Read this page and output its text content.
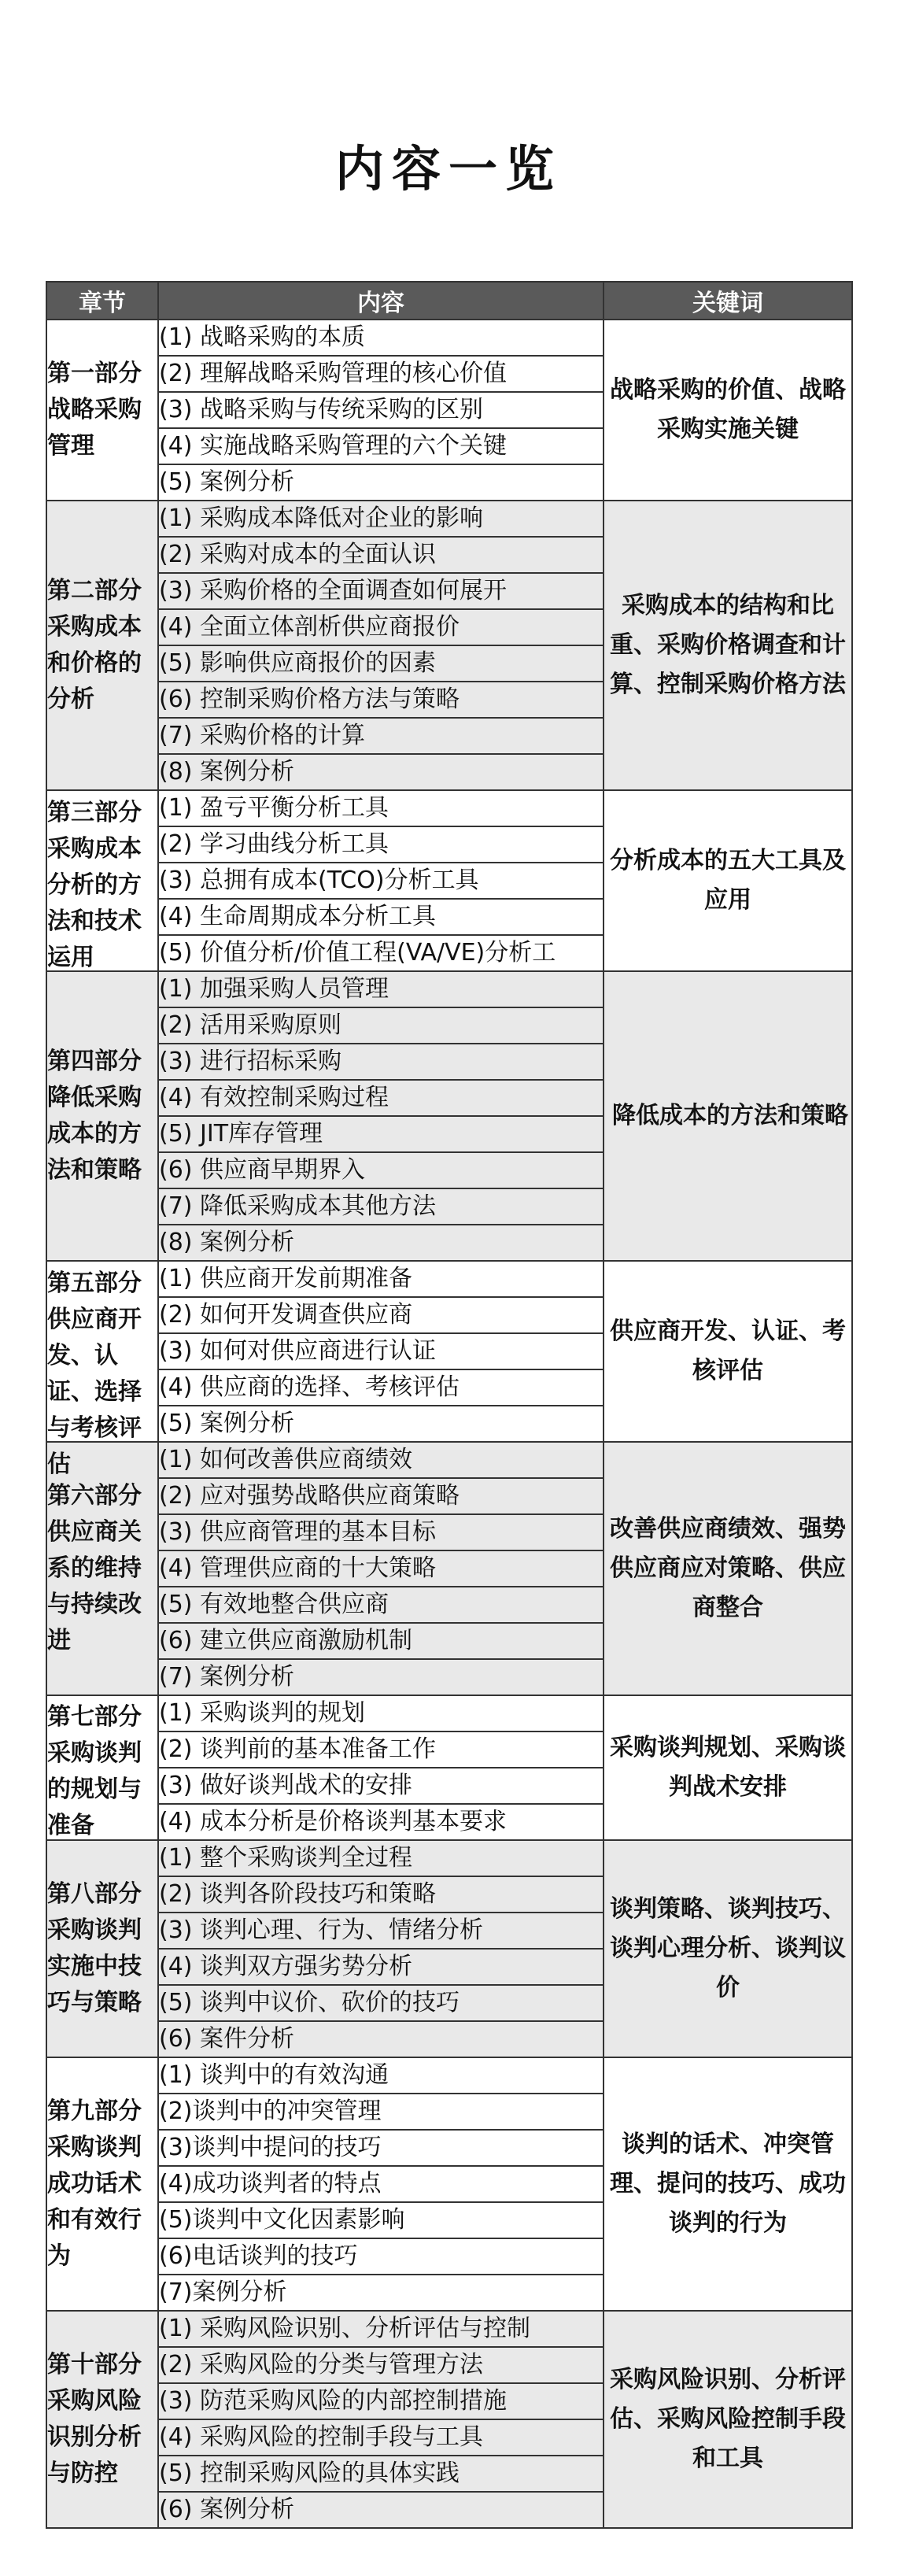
内容一览
章节	内容	关键词

第一部分战略采购管理	(1) 战略采购的本质	战略采购的价值、战略采购实施关键
	(2) 理解战略采购管理的核心价值	
	(3) 战略采购与传统采购的区别	
	(4) 实施战略采购管理的六个关键	
	(5) 案例分析	

第二部分采购成本和价格的分析	(1) 采购成本降低对企业的影响	采购成本的结构和比重、采购价格调查和计算、控制采购价格方法
	(2) 采购对成本的全面认识	
	(3) 采购价格的全面调查如何展开	
	(4) 全面立体剖析供应商报价	
	(5) 影响供应商报价的因素	
	(6) 控制采购价格方法与策略	
	(7) 采购价格的计算	
	(8) 案例分析	

第三部分采购成本分析的方法和技术运用	(1) 盈亏平衡分析工具	分析成本的五大工具及应用
	(2) 学习曲线分析工具	
	(3) 总拥有成本(TCO)分析工具	
	(4) 生命周期成本分析工具	
	(5) 价值分析/价值工程(VA/VE)分析工	

第四部分降低采购成本的方法和策略	(1) 加强采购人员管理	降低成本的方法和策略
	(2) 活用采购原则	
	(3) 进行招标采购	
	(4) 有效控制采购过程	
	(5) JIT库存管理	
	(6) 供应商早期界入	
	(7) 降低采购成本其他方法	
	(8) 案例分析	

第五部分供应商开发、认证、选择与考核评估	(1) 供应商开发前期准备	供应商开发、认证、考核评估
	(2) 如何开发调查供应商	
	(3) 如何对供应商进行认证	
	(4) 供应商的选择、考核评估	
	(5) 案例分析	

第六部分供应商关系的维持与持续改进	(1) 如何改善供应商绩效	改善供应商绩效、强势供应商应对策略、供应商整合
	(2) 应对强势战略供应商策略	
	(3) 供应商管理的基本目标	
	(4) 管理供应商的十大策略	
	(5) 有效地整合供应商	
	(6) 建立供应商激励机制	
	(7) 案例分析	

第七部分采购谈判的规划与准备	(1) 采购谈判的规划	采购谈判规划、采购谈判战术安排
	(2) 谈判前的基本准备工作	
	(3) 做好谈判战术的安排	
	(4) 成本分析是价格谈判基本要求	

第八部分采购谈判实施中技巧与策略	(1) 整个采购谈判全过程	谈判策略、谈判技巧、谈判心理分析、谈判议价
	(2) 谈判各阶段技巧和策略	
	(3) 谈判心理、行为、情绪分析	
	(4) 谈判双方强劣势分析	
	(5) 谈判中议价、砍价的技巧	
	(6) 案件分析	

第九部分采购谈判成功话术和有效行为	(1) 谈判中的有效沟通	谈判的话术、冲突管理、提问的技巧、成功谈判的行为
	(2)谈判中的冲突管理	
	(3)谈判中提问的技巧	
	(4)成功谈判者的特点	
	(5)谈判中文化因素影响	
	(6)电话谈判的技巧	
	(7)案例分析	

第十部分采购风险识别分析与防控	(1) 采购风险识别、分析评估与控制	采购风险识别、分析评估、采购风险控制手段和工具
	(2) 采购风险的分类与管理方法	
	(3) 防范采购风险的内部控制措施	
	(4) 采购风险的控制手段与工具	
	(5) 控制采购风险的具体实践	
	(6) 案例分析	
